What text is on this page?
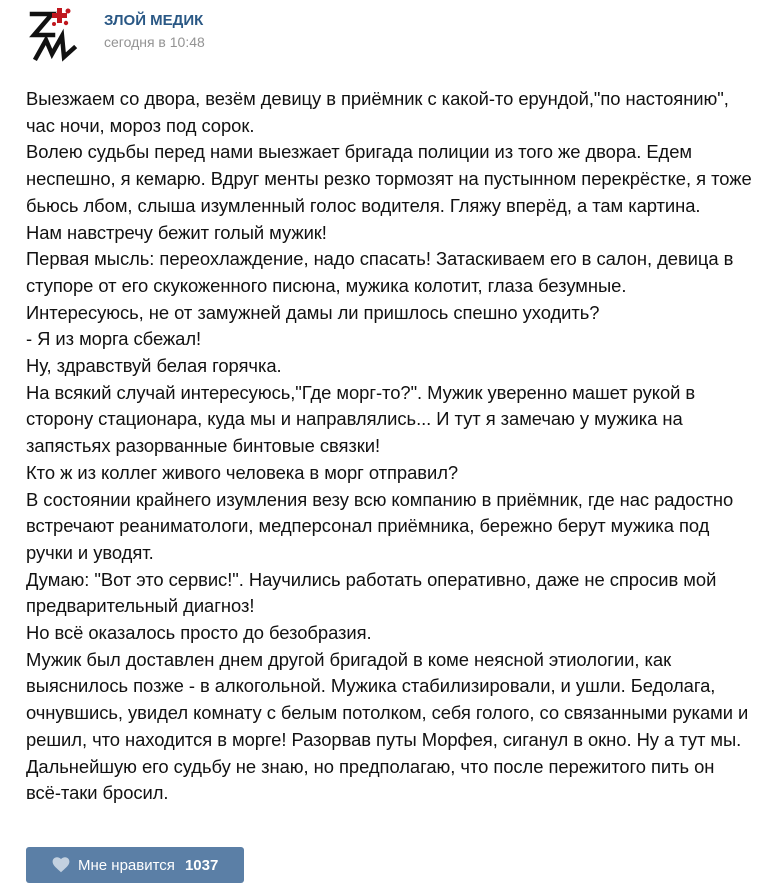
ЗЛОЙ МЕДИК
сегодня в 10:48

Выезжаем со двора, везём девицу в приёмник с какой-то ерундой,"по настоянию",

час ночи, мороз под сорок.

Волею судьбы перед нами выезжает бригада полиции из того же двора. Едем

неспешно, я кемарю. Вдруг менты резко тормозят на пустынном перекрёстке, я тоже

бьюсь лбом, слыша изумленный голос водителя. Гляжу вперёд, а там картина.

Нам навстречу бежит голый мужик!

Первая мысль: переохлаждение, надо спасать! Затаскиваем его в салон, девица в

ступоре от его скукоженного писюна, мужика колотит, глаза безумные.

Интересуюсь, не от замужней дамы ли пришлось спешно уходить?

- Я из морга сбежал!

Ну, здравствуй белая горячка.

На всякий случай интересуюсь,"Где морг-то?". Мужик уверенно машет рукой в

сторону стационара, куда мы и направлялись... И тут я замечаю у мужика на

запястьях разорванные бинтовые связки!

Кто ж из коллег живого человека в морг отправил?

В состоянии крайнего изумления везу всю компанию в приёмник, где нас радостно

встречают реаниматологи, медперсонал приёмника, бережно берут мужика под

ручки и уводят.

Думаю: "Вот это сервис!". Научились работать оперативно, даже не спросив мой

предварительный диагноз!

Но всё оказалось просто до безобразия.

Мужик был доставлен днем другой бригадой в коме неясной этиологии, как

выяснилось позже - в алкогольной. Мужика стабилизировали, и ушли. Бедолага,

очнувшись, увидел комнату с белым потолком, себя голого, со связанными руками и

решил, что находится в морге! Разорвав путы Морфея, сиганул в окно. Ну а тут мы.

Дальнейшую его судьбу не знаю, но предполагаю, что после пережитого пить он

всё-таки бросил.

Мне нравится 1037
